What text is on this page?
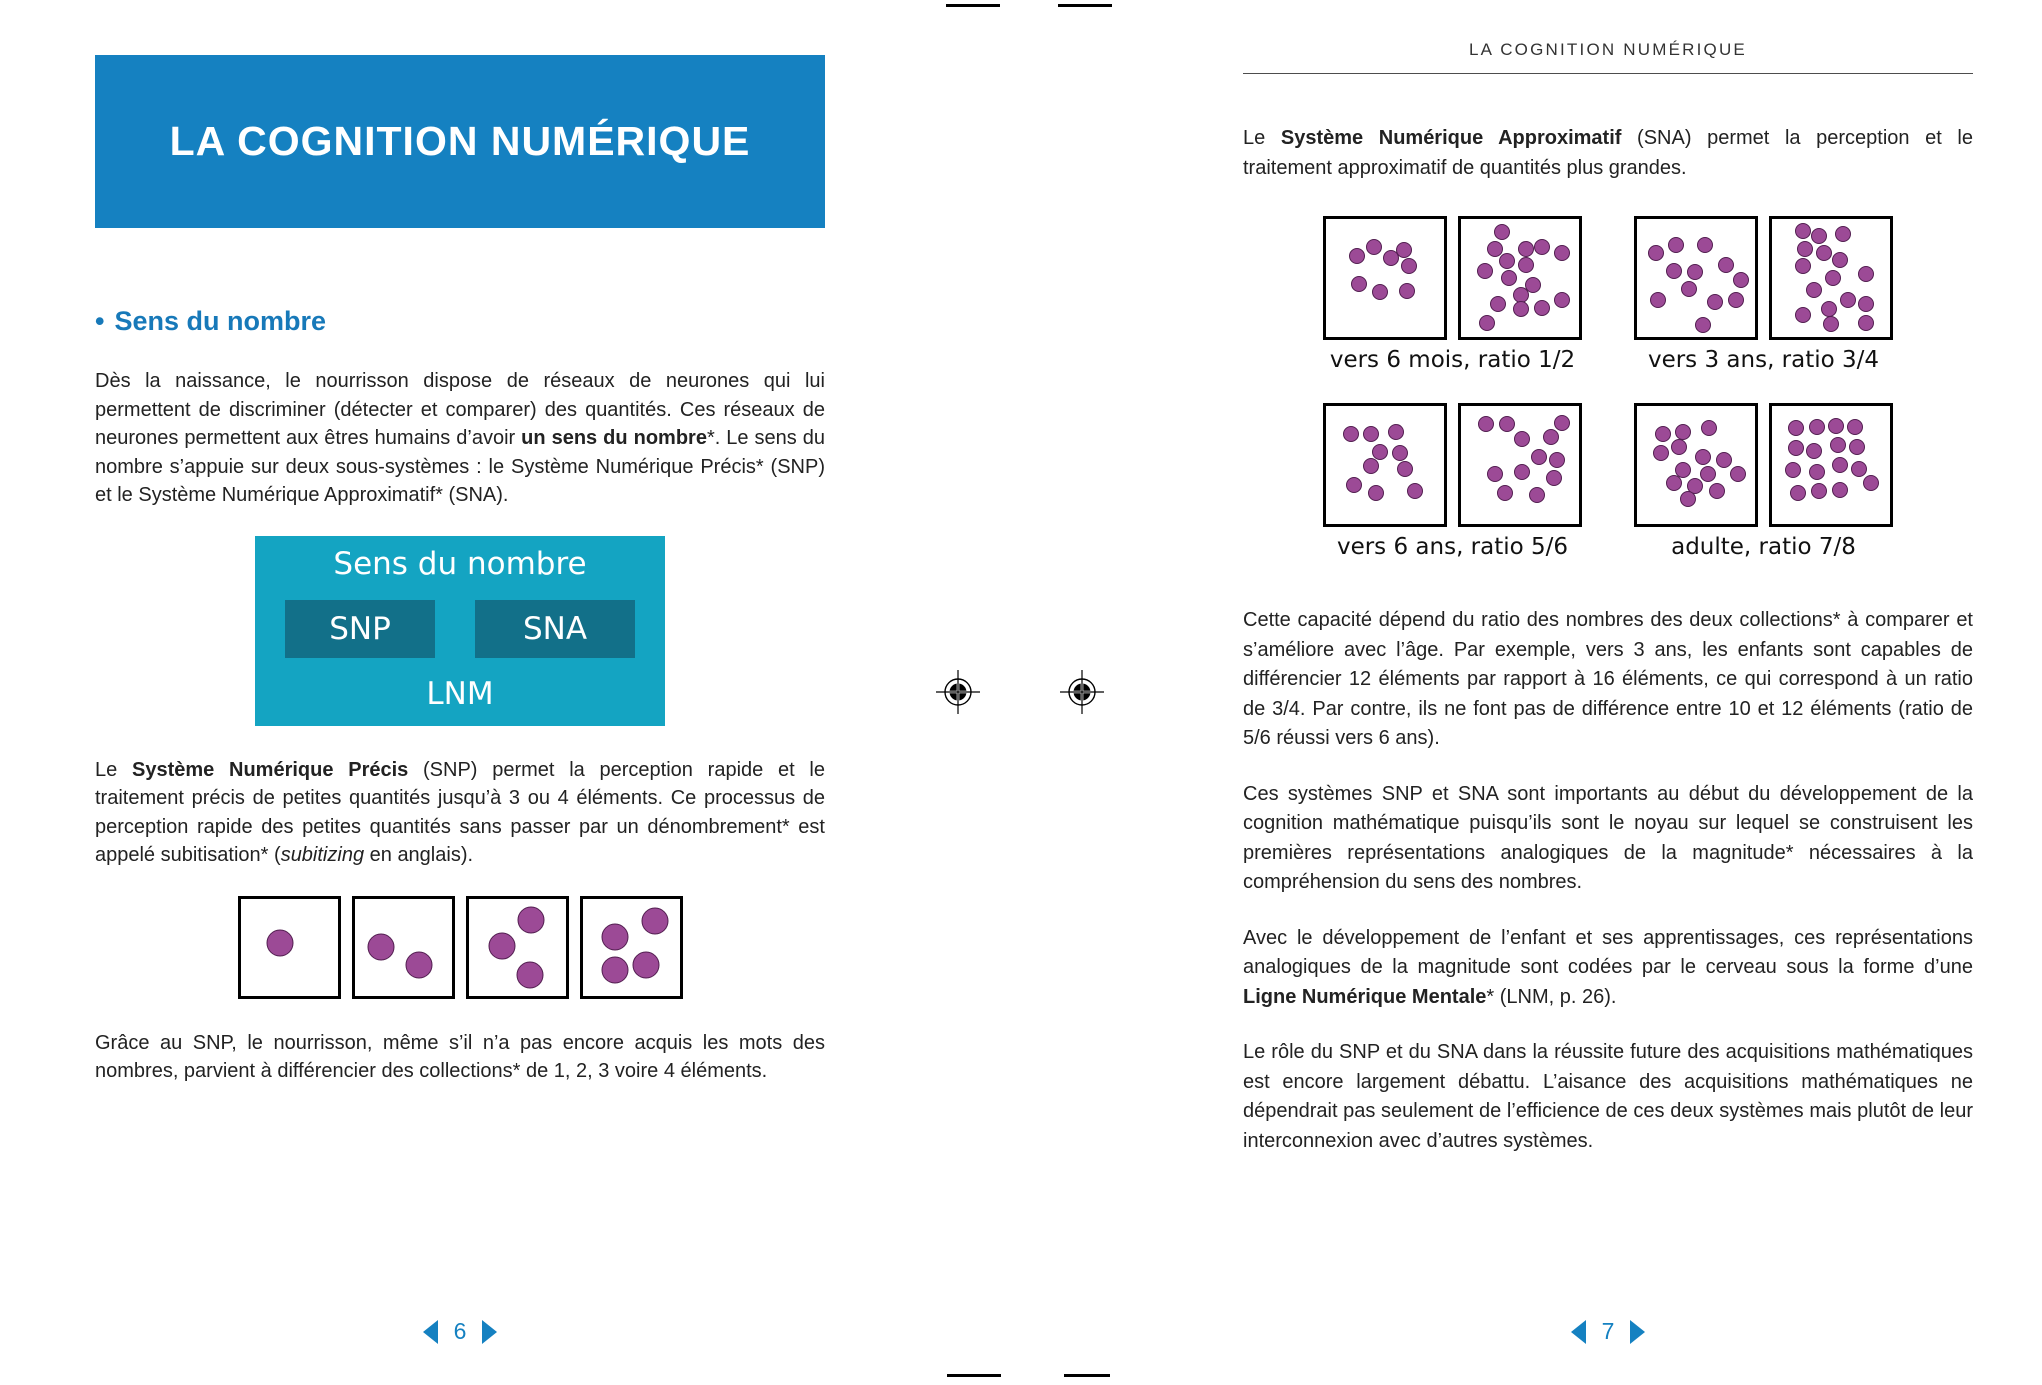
LA COGNITION NUMÉRIQUE
• Sens du nombre

Dès la naissance, le nourrisson dispose de réseaux de neurones qui lui permettent de discriminer (détecter et comparer) des quantités. Ces réseaux de neurones permettent aux êtres humains d’avoir un sens du nombre*. Le sens du nombre s’appuie sur deux sous-systèmes : le Système Numérique Précis* (SNP) et le Système Numérique Approximatif* (SNA).

Sens du nombre
SNP	SNA
LNM

Le Système Numérique Précis (SNP) permet la perception rapide et le traitement précis de petites quantités jusqu’à 3 ou 4 éléments. Ce processus de perception rapide des petites quantités sans passer par un dénombrement* est appelé subitisation* (subitizing en anglais).

Grâce au SNP, le nourrisson, même s’il n’a pas encore acquis les mots des nombres, parvient à différencier des collections* de 1, 2, 3 voire 4 éléments.

6
LA COGNITION NUMÉRIQUE

Le Système Numérique Approximatif (SNA) permet la perception et le traitement approximatif de quantités plus grandes.

vers 6 mois, ratio 1/2	vers 3 ans, ratio 3/4
vers 6 ans, ratio 5/6	adulte, ratio 7/8

Cette capacité dépend du ratio des nombres des deux collections* à comparer et s’améliore avec l’âge. Par exemple, vers 3 ans, les enfants sont capables de différencier 12 éléments par rapport à 16 éléments, ce qui correspond à un ratio de 3/4. Par contre, ils ne font pas de différence entre 10 et 12 éléments (ratio de 5/6 réussi vers 6 ans).

Ces systèmes SNP et SNA sont importants au début du développement de la cognition mathématique puisqu’ils sont le noyau sur lequel se construisent les premières représentations analogiques de la magnitude* nécessaires à la compréhension du sens des nombres.

Avec le développement de l’enfant et ses apprentissages, ces représentations analogiques de la magnitude sont codées par le cerveau sous la forme d’une Ligne Numérique Mentale* (LNM, p. 26).

Le rôle du SNP et du SNA dans la réussite future des acquisitions mathématiques est encore largement débattu. L’aisance des acquisitions mathématiques ne dépendrait pas seulement de l’efficience de ces deux systèmes mais plutôt de leur interconnexion avec d’autres systèmes.

7
